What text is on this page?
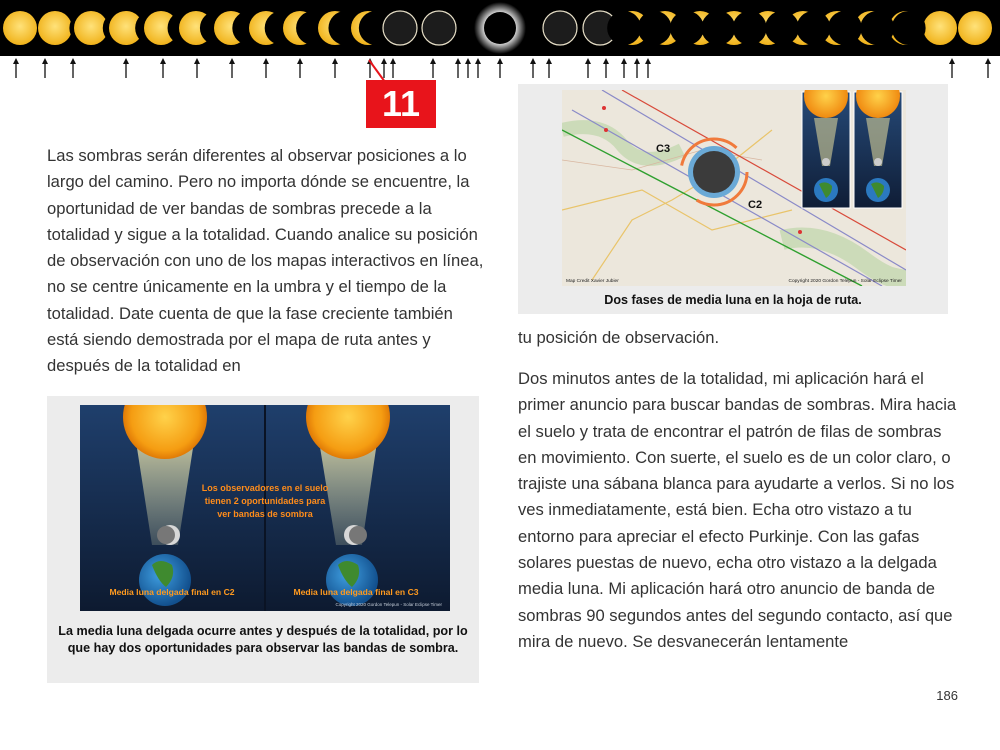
11
Las sombras serán diferentes al observar posiciones a lo largo del camino. Pero no importa dónde se encuentre, la oportunidad de ver bandas de sombras precede a la totalidad y sigue a la totalidad. Cuando analice su posición de observación con uno de los mapas interactivos en línea, no se centre únicamente en la umbra y el tiempo de la totalidad. Date cuenta de que la fase creciente también está siendo demostrada por el mapa de ruta antes y después de la totalidad en
Los observadores en el suelo
tienen 2 oportunidades para
ver bandas de sombra
Media luna delgada final en C2	Media luna delgada final en C3
Copyright 2020 Gordon Telepun - Solar Eclipse Timer
La media luna delgada ocurre antes y después de la totalidad, por lo que hay dos oportunidades para observar las bandas de sombra.
C3
C2
Map Credit Xavier Jubier	Copyright 2020 Gordon Telepun - Solar Eclipse Timer
Dos fases de media luna en la hoja de ruta.
tu posición de observación.
Dos minutos antes de la totalidad, mi aplicación hará el primer anuncio para buscar bandas de sombras. Mira hacia el suelo y trata de encontrar el patrón de filas de sombras en movimiento. Con suerte, el suelo es de un color claro, o trajiste una sábana blanca para ayudarte a verlos. Si no los ves inmediatamente, está bien. Echa otro vistazo a tu entorno para apreciar el efecto Purkinje. Con las gafas solares puestas de nuevo, echa otro vistazo a la delgada media luna. Mi aplicación hará otro anuncio de banda de sombras 90 segundos antes del segundo contacto, así que mira de nuevo. Se desvanecerán lentamente
186
